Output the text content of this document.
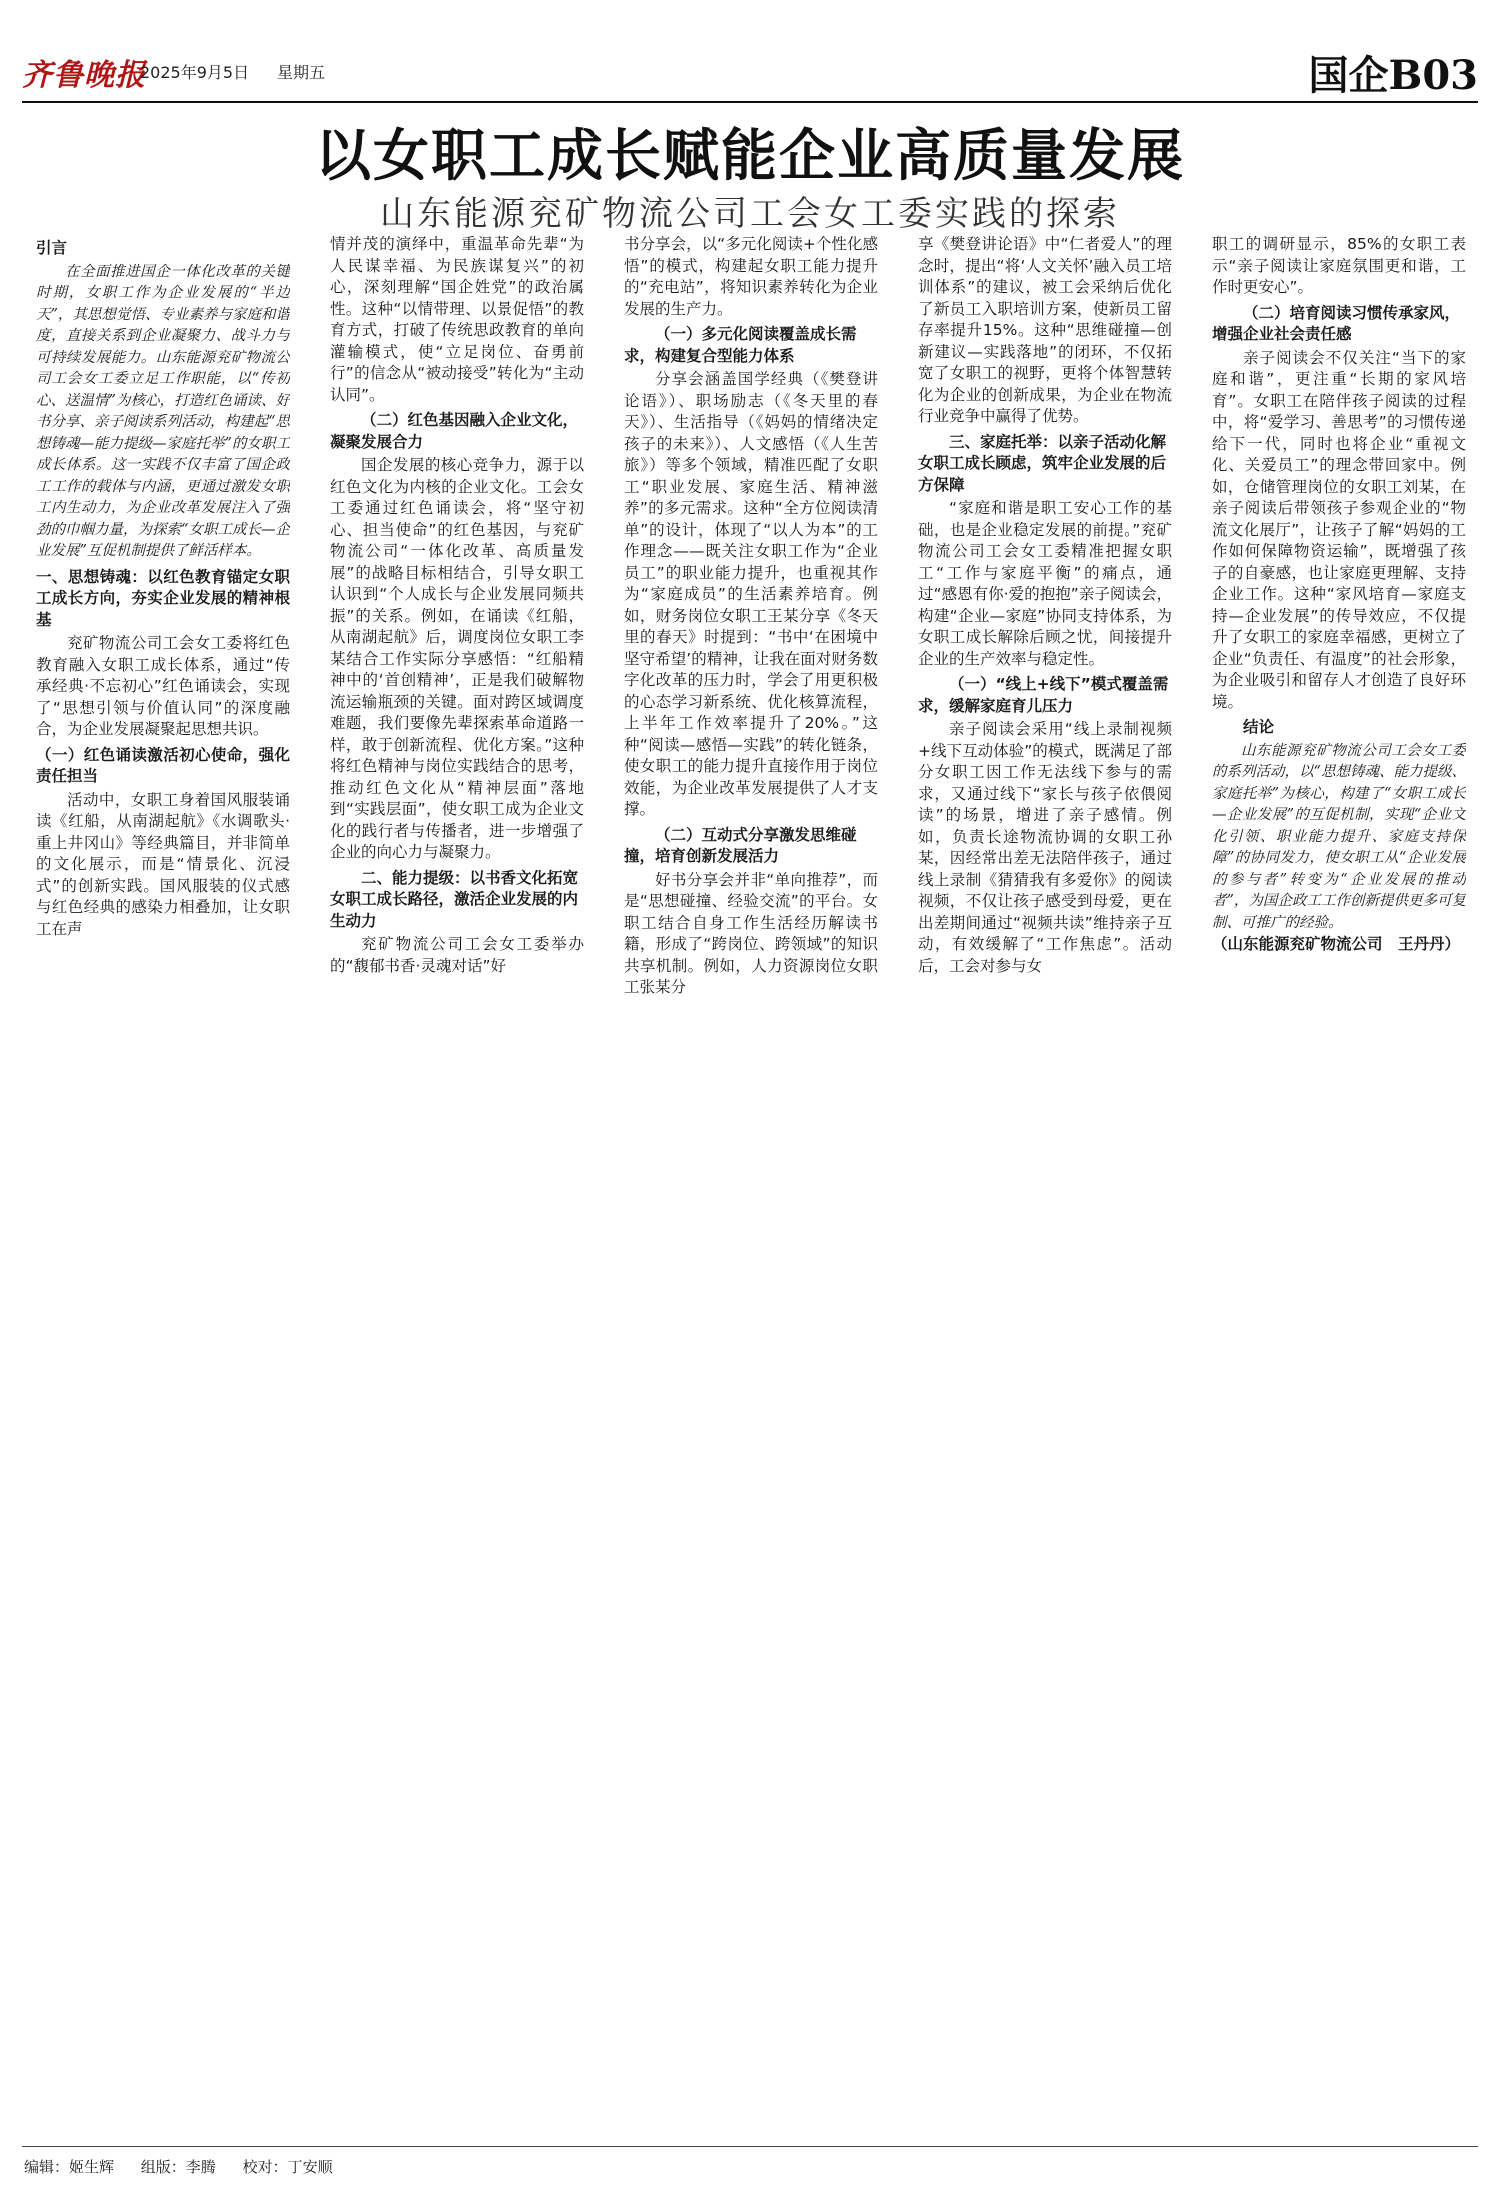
齐鲁晚报
2025年9月5日 星期五	国企B03
以女职工成长赋能企业高质量发展
山东能源兖矿物流公司工会女工委实践的探索

引言

在全面推进国企一体化改革的关键时期，女职工作为企业发展的“半边天”，其思想觉悟、专业素养与家庭和谐度，直接关系到企业凝聚力、战斗力与可持续发展能力。山东能源兖矿物流公司工会女工委立足工作职能，以“传初心、送温情”为核心，打造红色诵读、好书分享、亲子阅读系列活动，构建起“思想铸魂—能力提级—家庭托举”的女职工成长体系。这一实践不仅丰富了国企政工工作的载体与内涵，更通过激发女职工内生动力，为企业改革发展注入了强劲的巾帼力量，为探索“女职工成长—企业发展”互促机制提供了鲜活样本。

一、思想铸魂：以红色教育锚定女职工成长方向，夯实企业发展的精神根基

兖矿物流公司工会女工委将红色教育融入女职工成长体系，通过“传承经典·不忘初心”红色诵读会，实现了“思想引领与价值认同”的深度融合，为企业发展凝聚起思想共识。

（一）红色诵读激活初心使命，强化责任担当

活动中，女职工身着国风服装诵读《红船，从南湖起航》《水调歌头·重上井冈山》等经典篇目，并非简单的文化展示，而是“情景化、沉浸式”的创新实践。国风服装的仪式感与红色经典的感染力相叠加，让女职工在声

情并茂的演绎中，重温革命先辈“为人民谋幸福、为民族谋复兴”的初心，深刻理解“国企姓党”的政治属性。这种“以情带理、以景促悟”的教育方式，打破了传统思政教育的单向灌输模式，使“立足岗位、奋勇前行”的信念从“被动接受”转化为“主动认同”。

（二）红色基因融入企业文化，凝聚发展合力

国企发展的核心竞争力，源于以红色文化为内核的企业文化。工会女工委通过红色诵读会，将“坚守初心、担当使命”的红色基因，与兖矿物流公司“一体化改革、高质量发展”的战略目标相结合，引导女职工认识到“个人成长与企业发展同频共振”的关系。例如，在诵读《红船，从南湖起航》后，调度岗位女职工李某结合工作实际分享感悟：“红船精神中的‘首创精神’，正是我们破解物流运输瓶颈的关键。面对跨区域调度难题，我们要像先辈探索革命道路一样，敢于创新流程、优化方案。”这种将红色精神与岗位实践结合的思考，推动红色文化从“精神层面”落地到“实践层面”，使女职工成为企业文化的践行者与传播者，进一步增强了企业的向心力与凝聚力。

二、能力提级：以书香文化拓宽女职工成长路径，激活企业发展的内生动力

兖矿物流公司工会女工委举办的“馥郁书香·灵魂对话”好

书分享会，以“多元化阅读+个性化感悟”的模式，构建起女职工能力提升的“充电站”，将知识素养转化为企业发展的生产力。

（一）多元化阅读覆盖成长需求，构建复合型能力体系

分享会涵盖国学经典（《樊登讲论语》）、职场励志（《冬天里的春天》）、生活指导（《妈妈的情绪决定孩子的未来》）、人文感悟（《人生苦旅》）等多个领域，精准匹配了女职工“职业发展、家庭生活、精神滋养”的多元需求。这种“全方位阅读清单”的设计，体现了“以人为本”的工作理念——既关注女职工作为“企业员工”的职业能力提升，也重视其作为“家庭成员”的生活素养培育。例如，财务岗位女职工王某分享《冬天里的春天》时提到：“书中‘在困境中坚守希望’的精神，让我在面对财务数字化改革的压力时，学会了用更积极的心态学习新系统、优化核算流程，上半年工作效率提升了20%。”这种“阅读—感悟—实践”的转化链条，使女职工的能力提升直接作用于岗位效能，为企业改革发展提供了人才支撑。

（二）互动式分享激发思维碰撞，培育创新发展活力

好书分享会并非“单向推荐”，而是“思想碰撞、经验交流”的平台。女职工结合自身工作生活经历解读书籍，形成了“跨岗位、跨领域”的知识共享机制。例如，人力资源岗位女职工张某分

享《樊登讲论语》中“仁者爱人”的理念时，提出“将‘人文关怀’融入员工培训体系”的建议，被工会采纳后优化了新员工入职培训方案，使新员工留存率提升15%。这种“思维碰撞—创新建议—实践落地”的闭环，不仅拓宽了女职工的视野，更将个体智慧转化为企业的创新成果，为企业在物流行业竞争中赢得了优势。

三、家庭托举：以亲子活动化解女职工成长顾虑，筑牢企业发展的后方保障

“家庭和谐是职工安心工作的基础，也是企业稳定发展的前提。”兖矿物流公司工会女工委精准把握女职工“工作与家庭平衡”的痛点，通过“感恩有你·爱的抱抱”亲子阅读会，构建“企业—家庭”协同支持体系，为女职工成长解除后顾之忧，间接提升企业的生产效率与稳定性。

（一）“线上+线下”模式覆盖需求，缓解家庭育儿压力

亲子阅读会采用“线上录制视频+线下互动体验”的模式，既满足了部分女职工因工作无法线下参与的需求，又通过线下“家长与孩子依偎阅读”的场景，增进了亲子感情。例如，负责长途物流协调的女职工孙某，因经常出差无法陪伴孩子，通过线上录制《猜猜我有多爱你》的阅读视频，不仅让孩子感受到母爱，更在出差期间通过“视频共读”维持亲子互动，有效缓解了“工作焦虑”。活动后，工会对参与女

职工的调研显示，85%的女职工表示“亲子阅读让家庭氛围更和谐，工作时更安心”。

（二）培育阅读习惯传承家风，增强企业社会责任感

亲子阅读会不仅关注“当下的家庭和谐”，更注重“长期的家风培育”。女职工在陪伴孩子阅读的过程中，将“爱学习、善思考”的习惯传递给下一代，同时也将企业“重视文化、关爱员工”的理念带回家中。例如，仓储管理岗位的女职工刘某，在亲子阅读后带领孩子参观企业的“物流文化展厅”，让孩子了解“妈妈的工作如何保障物资运输”，既增强了孩子的自豪感，也让家庭更理解、支持企业工作。这种“家风培育—家庭支持—企业发展”的传导效应，不仅提升了女职工的家庭幸福感，更树立了企业“负责任、有温度”的社会形象，为企业吸引和留存人才创造了良好环境。

结论

山东能源兖矿物流公司工会女工委的系列活动，以“思想铸魂、能力提级、家庭托举”为核心，构建了“女职工成长—企业发展”的互促机制，实现“企业文化引领、职业能力提升、家庭支持保障”的协同发力，使女职工从“企业发展的参与者”转变为“企业发展的推动者”，为国企政工工作创新提供更多可复制、可推广的经验。

（山东能源兖矿物流公司　王丹丹）

编辑：姬生辉 组版：李腾 校对：丁安顺
